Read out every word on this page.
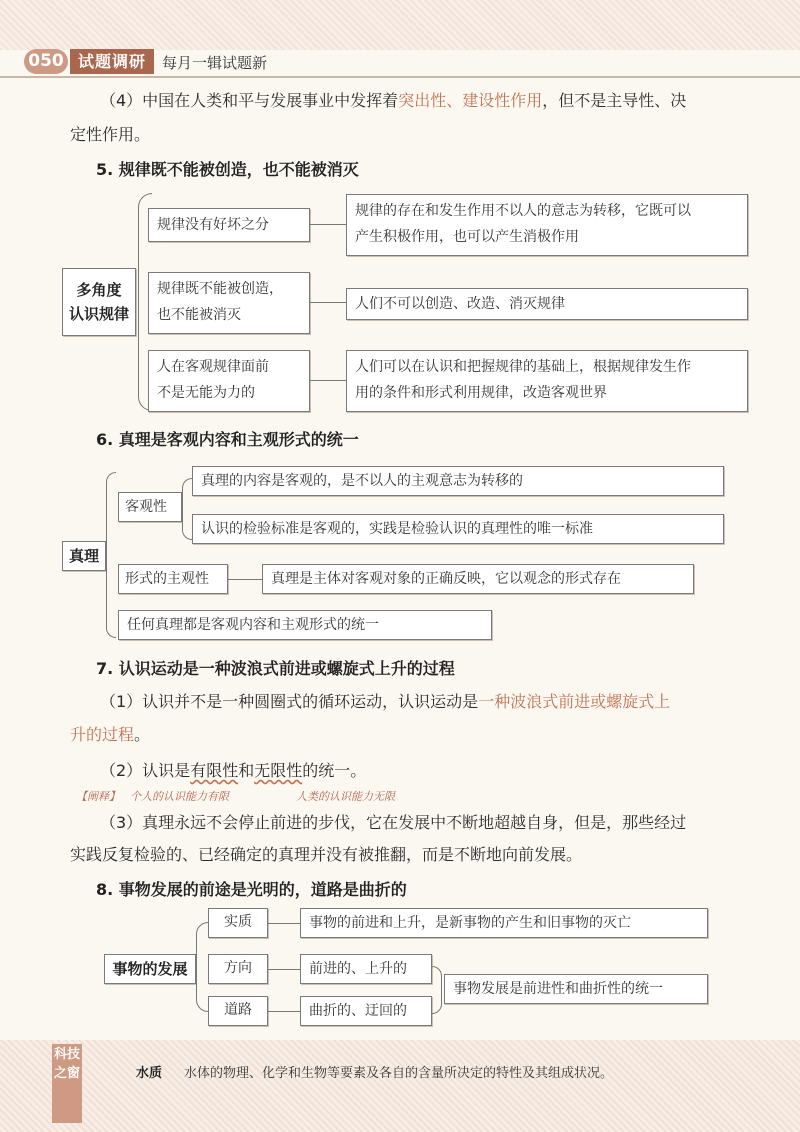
050 试题调研	每月一辑试题新
（4）中国在人类和平与发展事业中发挥着突出性、建设性作用，但不是主导性、决
定性作用。
5. 规律既不能被创造，也不能被消灭
多角度
认识规律
规律没有好坏之分
规律的存在和发生作用不以人的意志为转移，它既可以
产生积极作用，也可以产生消极作用
规律既不能被创造，
也不能被消灭
人们不可以创造、改造、消灭规律
人在客观规律面前
不是无能为力的
人们可以在认识和把握规律的基础上，根据规律发生作
用的条件和形式利用规律，改造客观世界
6. 真理是客观内容和主观形式的统一
真理
客观性
真理的内容是客观的，是不以人的主观意志为转移的
认识的检验标准是客观的，实践是检验认识的真理性的唯一标准
形式的主观性	真理是主体对客观对象的正确反映，它以观念的形式存在
任何真理都是客观内容和主观形式的统一
7. 认识运动是一种波浪式前进或螺旋式上升的过程
（1）认识并不是一种圆圈式的循环运动，认识运动是一种波浪式前进或螺旋式上
升的过程。
（2）认识是有限性和无限性的统一。
【阐释】 个人的认识能力有限	人类的认识能力无限
（3）真理永远不会停止前进的步伐，它在发展中不断地超越自身，但是，那些经过
实践反复检验的、已经确定的真理并没有被推翻，而是不断地向前发展。
8. 事物发展的前途是光明的，道路是曲折的
事物的发展
实质	事物的前进和上升，是新事物的产生和旧事物的灭亡
方向	前进的、上升的
道路	曲折的、迂回的
事物发展是前进性和曲折性的统一
科技之窗	水质 水体的物理、化学和生物等要素及各自的含量所决定的特性及其组成状况。
